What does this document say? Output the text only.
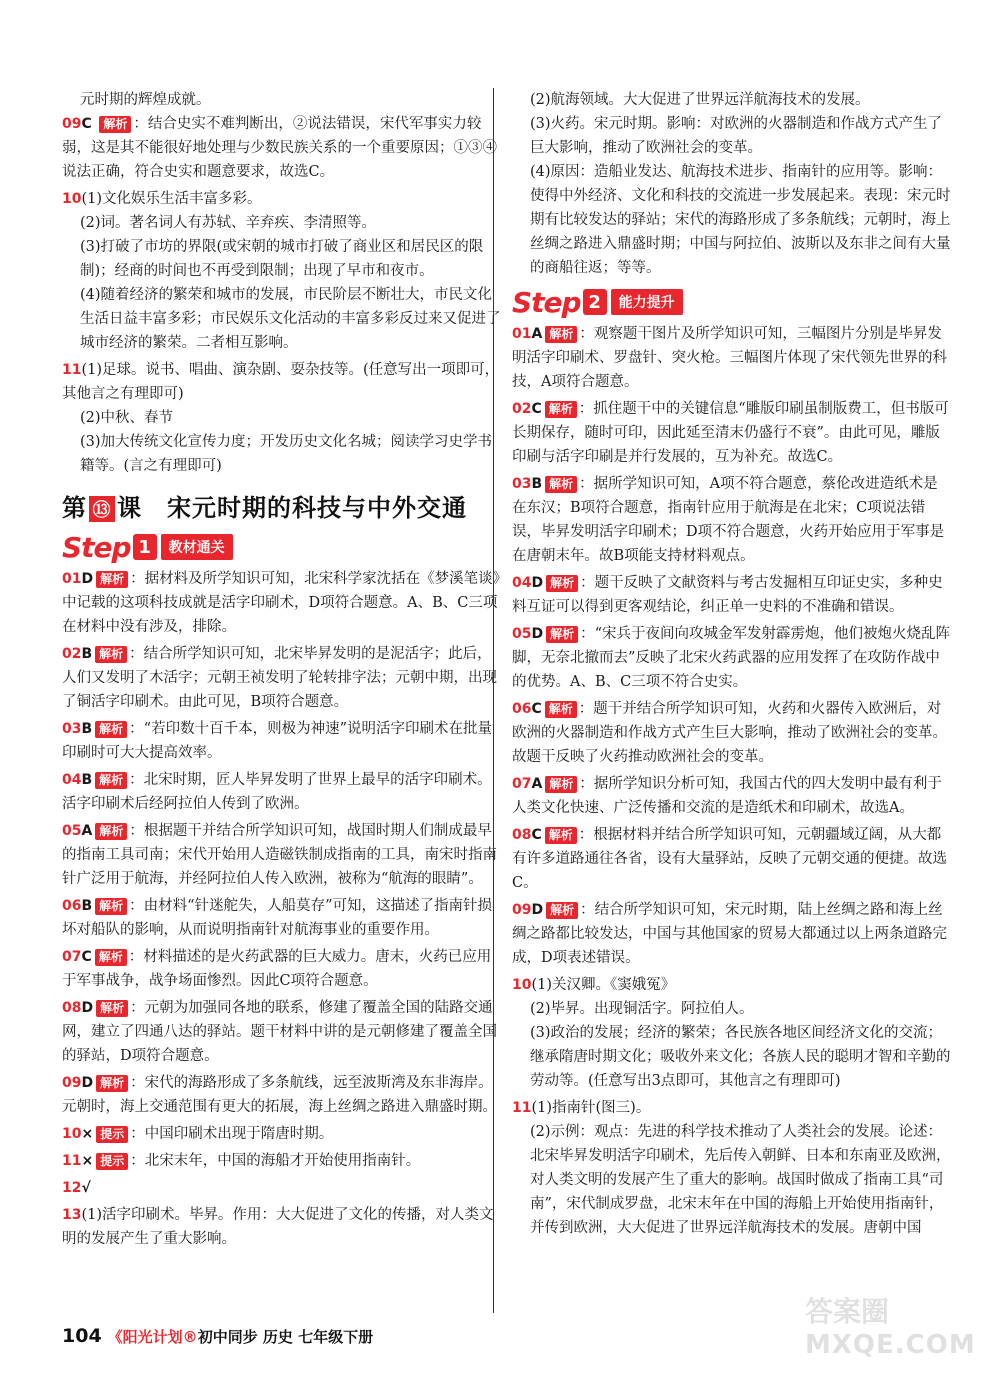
元时期的辉煌成就。

09C 解析 ：结合史实不难判断出，②说法错误，宋代军事实力较弱，这是其不能很好地处理与少数民族关系的一个重要原因；①③④说法正确，符合史实和题意要求，故选C。

10(1)文化娱乐生活丰富多彩。
(2)词。著名词人有苏轼、辛弃疾、李清照等。
(3)打破了市坊的界限(或宋朝的城市打破了商业区和居民区的限制)；经商的时间也不再受到限制；出现了早市和夜市。
(4)随着经济的繁荣和城市的发展，市民阶层不断壮大，市民文化生活日益丰富多彩；市民娱乐文化活动的丰富多彩反过来又促进了城市经济的繁荣。二者相互影响。
11(1)足球。说书、唱曲、演杂剧、耍杂技等。(任意写出一项即可，其他言之有理即可)
(2)中秋、春节
(3)加大传统文化宣传力度；开发历史文化名城；阅读学习史学书籍等。(言之有理即可)
第 ⑬ 课　宋元时期的科技与中外交通
Step 1	教材通关

01D 解析 ：据材料及所学知识可知，北宋科学家沈括在《梦溪笔谈》中记载的这项科技成就是活字印刷术，D项符合题意。A、B、C三项在材料中没有涉及，排除。

02B 解析 ：结合所学知识可知，北宋毕昇发明的是泥活字；此后，人们又发明了木活字；元朝王祯发明了轮转排字法；元朝中期，出现了铜活字印刷术。由此可见，B项符合题意。

03B 解析 ：“若印数十百千本，则极为神速”说明活字印刷术在批量印刷时可大大提高效率。

04B 解析 ：北宋时期，匠人毕昇发明了世界上最早的活字印刷术。活字印刷术后经阿拉伯人传到了欧洲。

05A 解析 ：根据题干并结合所学知识可知，战国时期人们制成最早的指南工具司南；宋代开始用人造磁铁制成指南的工具，南宋时指南针广泛用于航海，并经阿拉伯人传入欧洲，被称为“航海的眼睛”。

06B 解析 ：由材料“针迷舵失，人船莫存”可知，这描述了指南针损坏对船队的影响，从而说明指南针对航海事业的重要作用。

07C 解析 ：材料描述的是火药武器的巨大威力。唐末，火药已应用于军事战争，战争场面惨烈。因此C项符合题意。

08D 解析 ：元朝为加强同各地的联系，修建了覆盖全国的陆路交通网，建立了四通八达的驿站。题干材料中讲的是元朝修建了覆盖全国的驿站，D项符合题意。

09D 解析 ：宋代的海路形成了多条航线，远至波斯湾及东非海岸。元朝时，海上交通范围有更大的拓展，海上丝绸之路进入鼎盛时期。

10× 提示 ：中国印刷术出现于隋唐时期。

11× 提示 ：北宋末年，中国的海船才开始使用指南针。

12√

13(1)活字印刷术。毕昇。作用：大大促进了文化的传播，对人类文明的发展产生了重大影响。

(2)航海领域。大大促进了世界远洋航海技术的发展。

(3)火药。宋元时期。影响：对欧洲的火器制造和作战方式产生了巨大影响，推动了欧洲社会的变革。

(4)原因：造船业发达、航海技术进步、指南针的应用等。影响：使得中外经济、文化和科技的交流进一步发展起来。表现：宋元时期有比较发达的驿站；宋代的海路形成了多条航线；元朝时，海上丝绸之路进入鼎盛时期；中国与阿拉伯、波斯以及东非之间有大量的商船往返；等等。

Step 2	能力提升

01A 解析 ：观察题干图片及所学知识可知，三幅图片分别是毕昇发明活字印刷术、罗盘针、突火枪。三幅图片体现了宋代领先世界的科技，A项符合题意。

02C 解析 ：抓住题干中的关键信息“雕版印刷虽制版费工，但书版可长期保存，随时可印，因此延至清末仍盛行不衰”。由此可见，雕版印刷与活字印刷是并行发展的，互为补充。故选C。

03B 解析 ：据所学知识可知，A项不符合题意，蔡伦改进造纸术是在东汉；B项符合题意，指南针应用于航海是在北宋；C项说法错误，毕昇发明活字印刷术；D项不符合题意，火药开始应用于军事是在唐朝末年。故B项能支持材料观点。

04D 解析 ：题干反映了文献资料与考古发掘相互印证史实，多种史料互证可以得到更客观结论，纠正单一史料的不准确和错误。

05D 解析 ：“宋兵于夜间向攻城金军发射霹雳炮，他们被炮火烧乱阵脚，无奈北撤而去”反映了北宋火药武器的应用发挥了在攻防作战中的优势。A、B、C三项不符合史实。

06C 解析 ：题干并结合所学知识可知，火药和火器传入欧洲后，对欧洲的火器制造和作战方式产生巨大影响，推动了欧洲社会的变革。故题干反映了火药推动欧洲社会的变革。

07A 解析 ：据所学知识分析可知，我国古代的四大发明中最有利于人类文化快速、广泛传播和交流的是造纸术和印刷术，故选A。

08C 解析 ：根据材料并结合所学知识可知，元朝疆域辽阔，从大都有许多道路通往各省，设有大量驿站，反映了元朝交通的便捷。故选C。

09D 解析 ：结合所学知识可知，宋元时期，陆上丝绸之路和海上丝绸之路都比较发达，中国与其他国家的贸易大都通过以上两条道路完成，D项表述错误。

10(1)关汉卿。《窦娥冤》
(2)毕昇。出现铜活字。阿拉伯人。
(3)政治的发展；经济的繁荣；各民族各地区间经济文化的交流；继承隋唐时期文化；吸收外来文化；各族人民的聪明才智和辛勤的劳动等。(任意写出3点即可，其他言之有理即可)
11(1)指南针(图三)。
(2)示例：观点：先进的科学技术推动了人类社会的发展。论述：北宋毕昇发明活字印刷术，先后传入朝鲜、日本和东南亚及欧洲，对人类文明的发展产生了重大的影响。战国时做成了指南工具“司南”，宋代制成罗盘，北宋末年在中国的海船上开始使用指南针，并传到欧洲，大大促进了世界远洋航海技术的发展。唐朝中国
104 《阳光计划®初中同步 历史 七年级下册
答案圈
MXQE.COM
